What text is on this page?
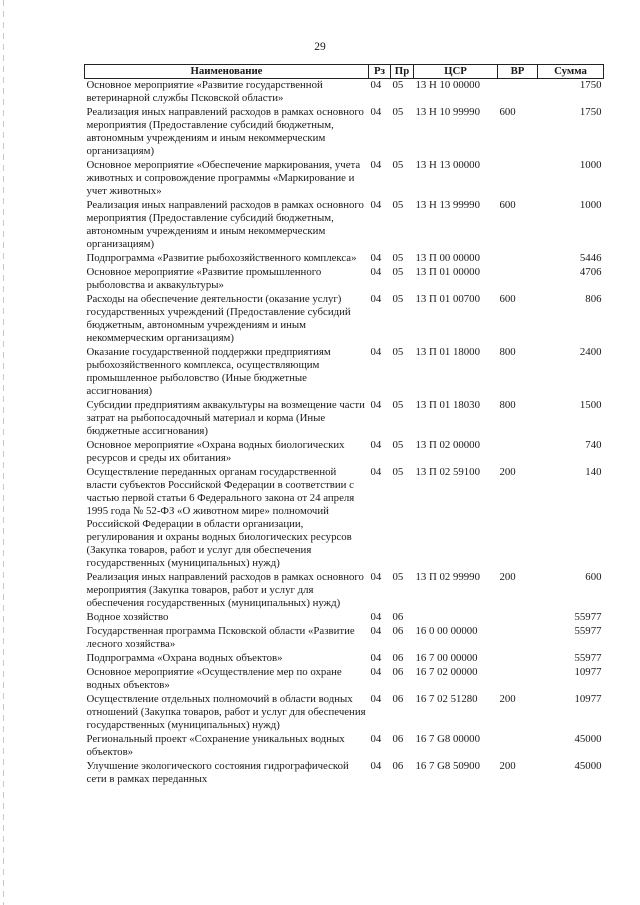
29
Наименование	Рз	Пр	ЦСР	ВР	Сумма
Основное мероприятие «Развитие государственной ветеринарной службы Псковской области»	04	05	13 Н 10 00000		1750
Реализация иных направлений расходов в рамках основного мероприятия (Предоставление субсидий бюджетным, автономным учреждениям и иным некоммерческим организациям)	04	05	13 Н 10 99990	600	1750
Основное мероприятие «Обеспечение маркирования, учета животных и сопровождение программы «Маркирование и учет животных»	04	05	13 Н 13 00000		1000
Реализация иных направлений расходов в рамках основного мероприятия (Предоставление субсидий бюджетным, автономным учреждениям и иным некоммерческим организациям)	04	05	13 Н 13 99990	600	1000
Подпрограмма «Развитие рыбохозяйственного комплекса»	04	05	13 П 00 00000		5446
Основное мероприятие «Развитие промышленного рыболовства и аквакультуры»	04	05	13 П 01 00000		4706
Расходы на обеспечение деятельности (оказание услуг) государственных учреждений (Предоставление субсидий бюджетным, автономным учреждениям и иным некоммерческим организациям)	04	05	13 П 01 00700	600	806
Оказание государственной поддержки предприятиям рыбохозяйственного комплекса, осуществляющим промышленное рыболовство (Иные бюджетные ассигнования)	04	05	13 П 01 18000	800	2400
Субсидии предприятиям аквакультуры на возмещение части затрат на рыбопосадочный материал и корма (Иные бюджетные ассигнования)	04	05	13 П 01 18030	800	1500
Основное мероприятие «Охрана водных биологических ресурсов и среды их обитания»	04	05	13 П 02 00000		740
Осуществление переданных органам государственной власти субъектов Российской Федерации в соответствии с частью первой статьи 6 Федерального закона от 24 апреля 1995 года № 52-ФЗ «О животном мире» полномочий Российской Федерации в области организации, регулирования и охраны водных биологических ресурсов (Закупка товаров, работ и услуг для обеспечения государственных (муниципальных) нужд)	04	05	13 П 02 59100	200	140
Реализация иных направлений расходов в рамках основного мероприятия (Закупка товаров, работ и услуг для обеспечения государственных (муниципальных) нужд)	04	05	13 П 02 99990	200	600
Водное хозяйство	04	06			55977
Государственная программа Псковской области «Развитие лесного хозяйства»	04	06	16 0 00 00000		55977
Подпрограмма «Охрана водных объектов»	04	06	16 7 00 00000		55977
Основное мероприятие «Осуществление мер по охране водных объектов»	04	06	16 7 02 00000		10977
Осуществление отдельных полномочий в области водных отношений (Закупка товаров, работ и услуг для обеспечения государственных (муниципальных) нужд)	04	06	16 7 02 51280	200	10977
Региональный проект «Сохранение уникальных водных объектов»	04	06	16 7 G8 00000		45000
Улучшение экологического состояния гидрографической сети в рамках переданных	04	06	16 7 G8 50900	200	45000
